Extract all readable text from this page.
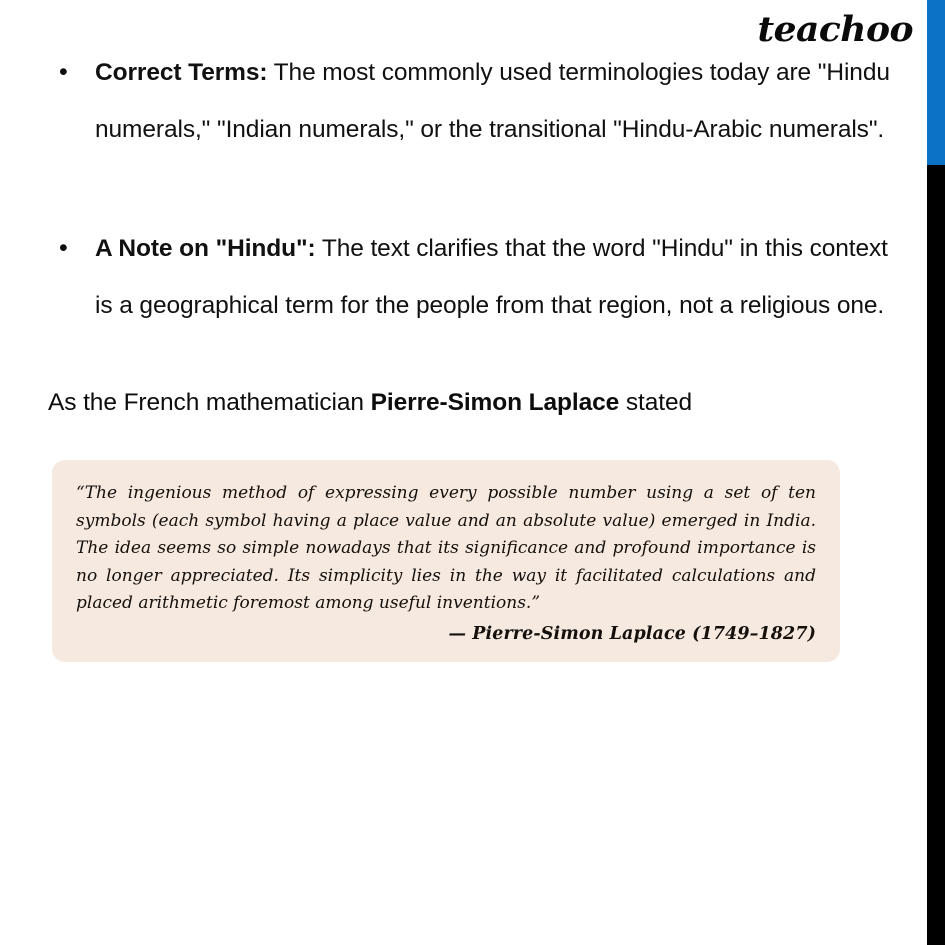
• Correct Terms: The most commonly used terminologies today are "Hindu numerals," "Indian numerals," or the transitional "Hindu-Arabic numerals".
• A Note on "Hindu": The text clarifies that the word "Hindu" in this context is a geographical term for the people from that region, not a religious one.
As the French mathematician Pierre-Simon Laplace stated
“The ingenious method of expressing every possible number using a set of ten symbols (each symbol having a place value and an absolute value) emerged in India. The idea seems so simple nowadays that its significance and profound importance is no longer appreciated. Its simplicity lies in the way it facilitated calculations and placed arithmetic foremost among useful inventions.”
— Pierre-Simon Laplace (1749–1827)
teachoo
